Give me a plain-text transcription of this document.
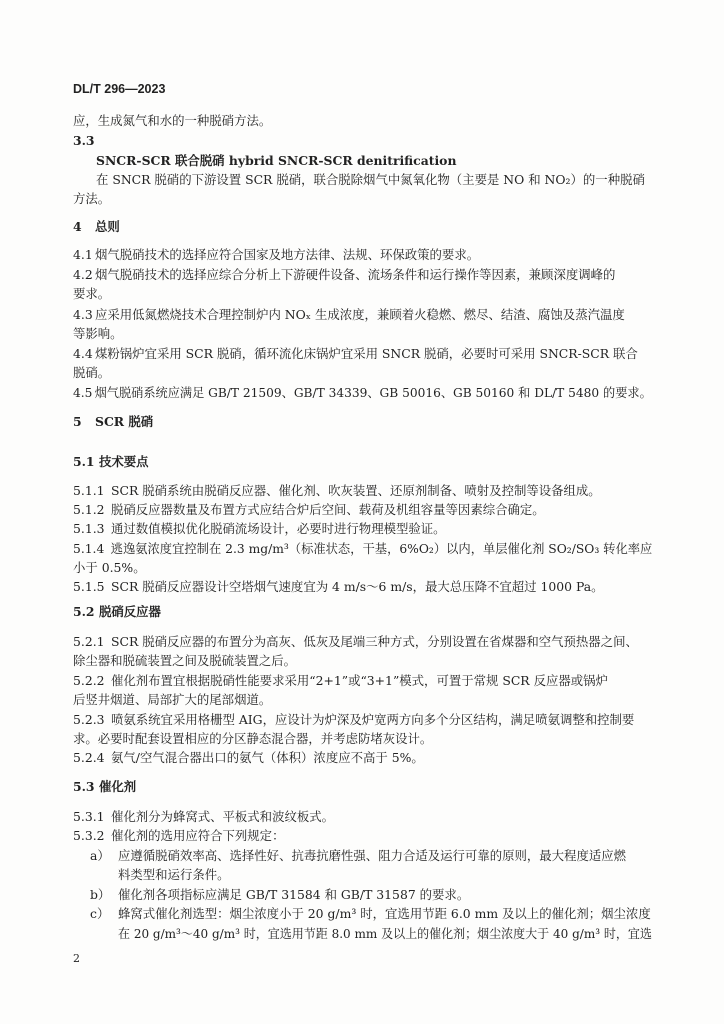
DL/T 296—2023
应，生成氮气和水的一种脱硝方法。
3.3
SNCR-SCR 联合脱硝 hybrid SNCR-SCR denitrification
在 SNCR 脱硝的下游设置 SCR 脱硝，联合脱除烟气中氮氧化物（主要是 NO 和 NO₂）的一种脱硝
方法。
4 总则
4.1 烟气脱硝技术的选择应符合国家及地方法律、法规、环保政策的要求。
4.2 烟气脱硝技术的选择应综合分析上下游硬件设备、流场条件和运行操作等因素，兼顾深度调峰的
要求。
4.3 应采用低氮燃烧技术合理控制炉内 NOₓ 生成浓度，兼顾着火稳燃、燃尽、结渣、腐蚀及蒸汽温度
等影响。
4.4 煤粉锅炉宜采用 SCR 脱硝，循环流化床锅炉宜采用 SNCR 脱硝，必要时可采用 SNCR-SCR 联合
脱硝。
4.5 烟气脱硝系统应满足 GB/T 21509、GB/T 34339、GB 50016、GB 50160 和 DL/T 5480 的要求。
5 SCR 脱硝
5.1 技术要点
5.1.1 SCR 脱硝系统由脱硝反应器、催化剂、吹灰装置、还原剂制备、喷射及控制等设备组成。
5.1.2 脱硝反应器数量及布置方式应结合炉后空间、载荷及机组容量等因素综合确定。
5.1.3 通过数值模拟优化脱硝流场设计，必要时进行物理模型验证。
5.1.4 逃逸氨浓度宜控制在 2.3 mg/m³（标准状态，干基，6%O₂）以内，单层催化剂 SO₂/SO₃ 转化率应
小于 0.5%。
5.1.5 SCR 脱硝反应器设计空塔烟气速度宜为 4 m/s～6 m/s，最大总压降不宜超过 1000 Pa。
5.2 脱硝反应器
5.2.1 SCR 脱硝反应器的布置分为高灰、低灰及尾端三种方式，分别设置在省煤器和空气预热器之间、
除尘器和脱硫装置之间及脱硫装置之后。
5.2.2 催化剂布置宜根据脱硝性能要求采用“2+1”或“3+1”模式，可置于常规 SCR 反应器或锅炉
后竖井烟道、局部扩大的尾部烟道。
5.2.3 喷氨系统宜采用格栅型 AIG，应设计为炉深及炉宽两方向多个分区结构，满足喷氨调整和控制要
求。必要时配套设置相应的分区静态混合器，并考虑防堵灰设计。
5.2.4 氨气/空气混合器出口的氨气（体积）浓度应不高于 5%。
5.3 催化剂
5.3.1 催化剂分为蜂窝式、平板式和波纹板式。
5.3.2 催化剂的选用应符合下列规定：
a） 应遵循脱硝效率高、选择性好、抗毒抗磨性强、阻力合适及运行可靠的原则，最大程度适应燃
料类型和运行条件。
b） 催化剂各项指标应满足 GB/T 31584 和 GB/T 31587 的要求。
c） 蜂窝式催化剂选型：烟尘浓度小于 20 g/m³ 时，宜选用节距 6.0 mm 及以上的催化剂；烟尘浓度
在 20 g/m³～40 g/m³ 时，宜选用节距 8.0 mm 及以上的催化剂；烟尘浓度大于 40 g/m³ 时，宜选
2
